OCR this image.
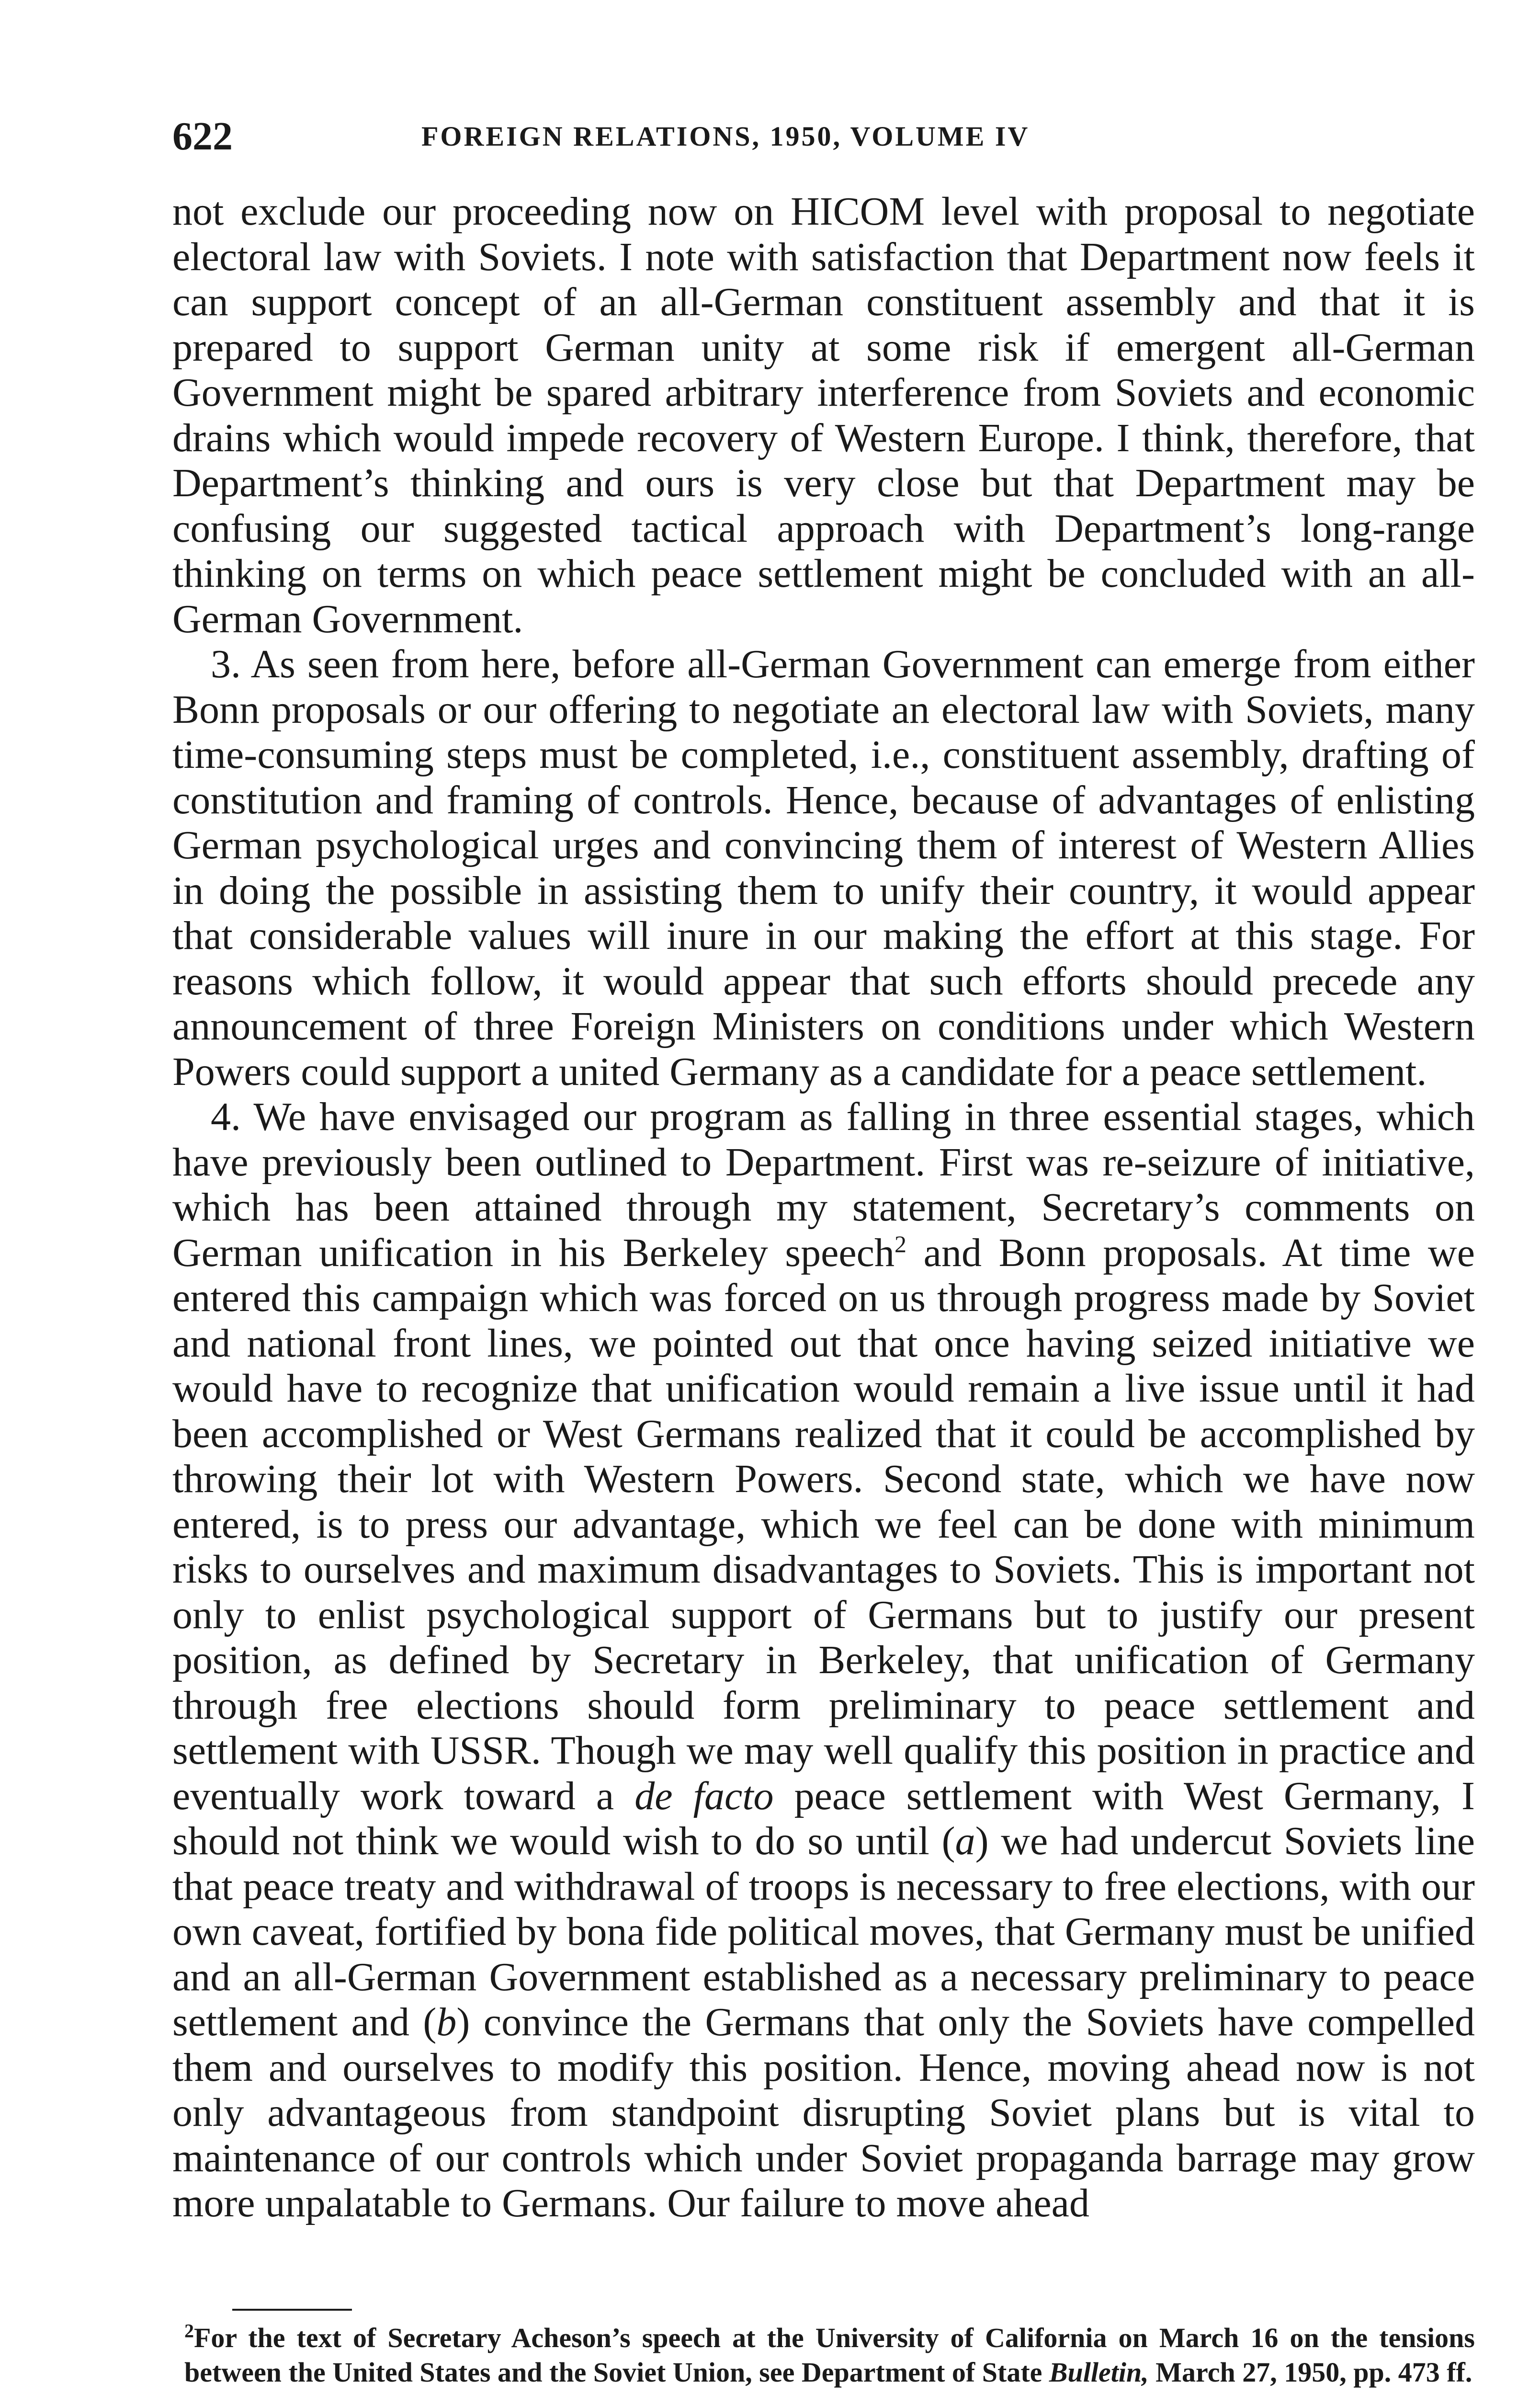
622	FOREIGN RELATIONS, 1950, VOLUME IV

not exclude our proceeding now on HICOM level with proposal to negotiate electoral law with Soviets. I note with satisfaction that Department now feels it can support concept of an all-German constituent assembly and that it is prepared to support German unity at some risk if emergent all-German Government might be spared arbitrary interference from Soviets and economic drains which would impede recovery of Western Europe. I think, therefore, that Department’s thinking and ours is very close but that Department may be confusing our suggested tactical approach with Department’s long-range thinking on terms on which peace settlement might be concluded with an all-German Government.

3. As seen from here, before all-German Government can emerge from either Bonn proposals or our offering to negotiate an electoral law with Soviets, many time-consuming steps must be completed, i.e., constituent assembly, drafting of constitution and framing of controls. Hence, because of advantages of enlisting German psychological urges and convincing them of interest of Western Allies in doing the possible in assisting them to unify their country, it would appear that considerable values will inure in our making the effort at this stage. For reasons which follow, it would appear that such efforts should precede any announcement of three Foreign Ministers on conditions under which Western Powers could support a united Germany as a candidate for a peace settlement.

4. We have envisaged our program as falling in three essential stages, which have previously been outlined to Department. First was re-seizure of initiative, which has been attained through my statement, Secretary’s comments on German unification in his Berkeley speech$^2$ and Bonn proposals. At time we entered this campaign which was forced on us through progress made by Soviet and national front lines, we pointed out that once having seized initiative we would have to recognize that unification would remain a live issue until it had been accomplished or West Germans realized that it could be accomplished by throwing their lot with Western Powers. Second state, which we have now entered, is to press our advantage, which we feel can be done with minimum risks to ourselves and maximum disadvantages to Soviets. This is important not only to enlist psychological support of Germans but to justify our present position, as defined by Secretary in Berkeley, that unification of Germany through free elections should form preliminary to peace settlement and settlement with USSR. Though we may well qualify this position in practice and eventually work toward a de facto peace settlement with West Germany, I should not think we would wish to do so until (a) we had undercut Soviets line that peace treaty and withdrawal of troops is necessary to free elections, with our own caveat, fortified by bona fide political moves, that Germany must be unified and an all-German Government established as a necessary preliminary to peace settlement and (b) convince the Germans that only the Soviets have compelled them and ourselves to modify this position. Hence, moving ahead now is not only advantageous from standpoint disrupting Soviet plans but is vital to maintenance of our controls which under Soviet propaganda barrage may grow more unpalatable to Germans. Our failure to move ahead

$^2$For the text of Secretary Acheson’s speech at the University of California on March 16 on the tensions between the United States and the Soviet Union, see Department of State Bulletin, March 27, 1950, pp. 473 ff.
